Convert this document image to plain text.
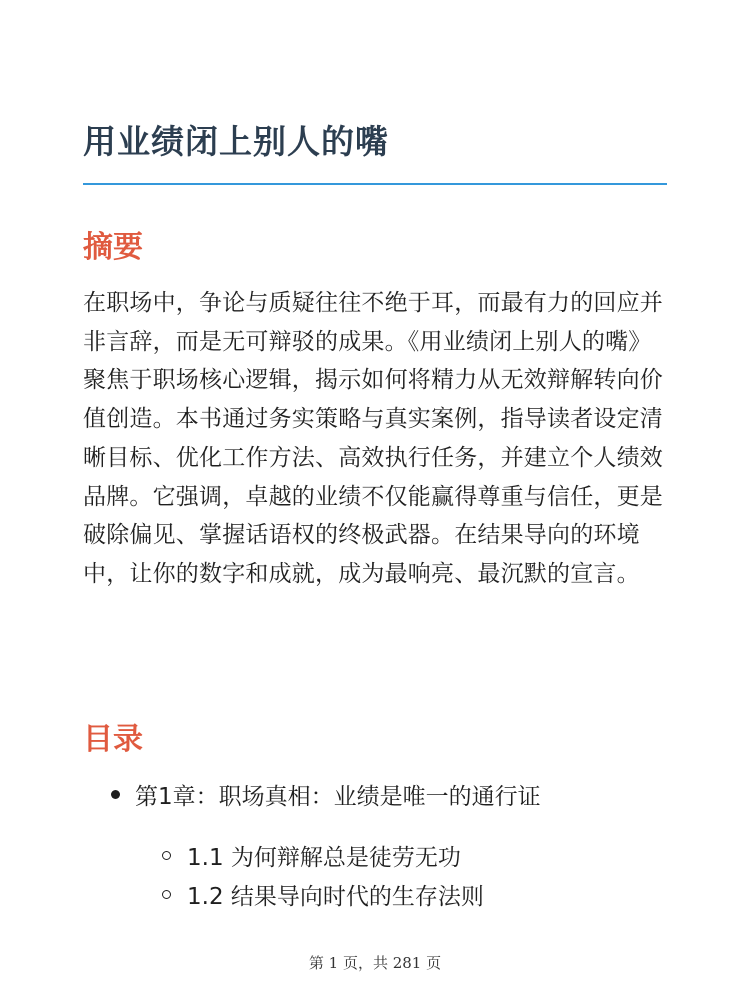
用业绩闭上别人的嘴
摘要

在职场中，争论与质疑往往不绝于耳，而最有力的回应并非言辞，而是无可辩驳的成果。《用业绩闭上别人的嘴》聚焦于职场核心逻辑，揭示如何将精力从无效辩解转向价值创造。本书通过务实策略与真实案例，指导读者设定清晰目标、优化工作方法、高效执行任务，并建立个人绩效品牌。它强调，卓越的业绩不仅能赢得尊重与信任，更是破除偏见、掌握话语权的终极武器。在结果导向的环境中，让你的数字和成就，成为最响亮、最沉默的宣言。

目录
第1章：职场真相：业绩是唯一的通行证
1.1 为何辩解总是徒劳无功
1.2 结果导向时代的生存法则
第 1 页，共 281 页
